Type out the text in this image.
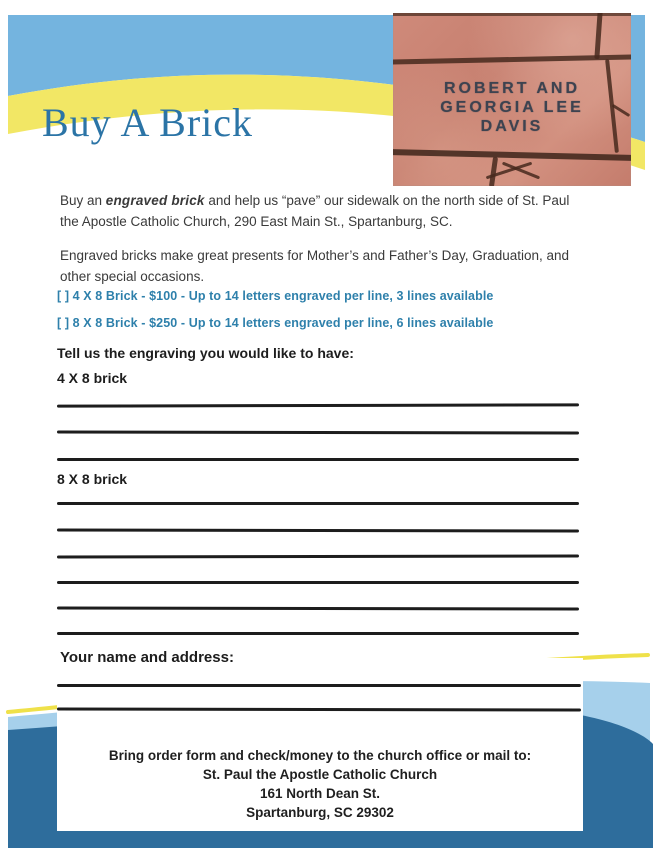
Buy A Brick
ROBERT AND
GEORGIA LEE
DAVIS

Buy an engraved brick and help us “pave” our sidewalk on the north side of St. Paul the Apostle Catholic Church, 290 East Main St., Spartanburg, SC.

Engraved bricks make great presents for Mother’s and Father’s Day, Graduation, and other special occasions.

[ ] 4 X 8 Brick - $100 - Up to 14 letters engraved per line, 3 lines available
[ ] 8 X 8 Brick - $250 - Up to 14 letters engraved per line, 6 lines available
Tell us the engraving you would like to have:
4 X 8 brick
8 X 8 brick
Your name and address:
Bring order form and check/money to the church office or mail to:
St. Paul the Apostle Catholic Church
161 North Dean St.
Spartanburg, SC 29302
